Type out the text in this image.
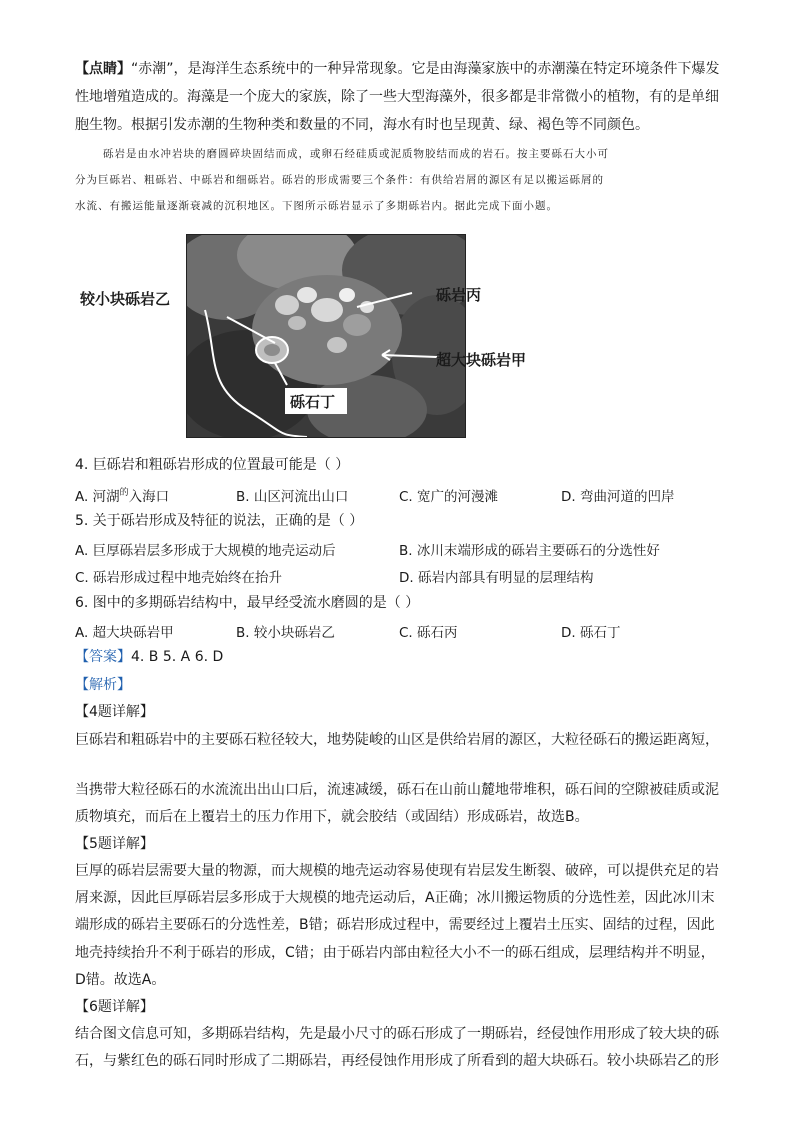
【点睛】“赤潮”，是海洋生态系统中的一种异常现象。它是由海藻家族中的赤潮藻在特定环境条件下爆发
性地增殖造成的。海藻是一个庞大的家族，除了一些大型海藻外，很多都是非常微小的植物，有的是单细
胞生物。根据引发赤潮的生物种类和数量的不同，海水有时也呈现黄、绿、褐色等不同颜色。
砾岩是由水冲岩块的磨圆碎块固结而成，或卵石经硅质或泥质物胶结而成的岩石。按主要砾石大小可
分为巨砾岩、粗砾岩、中砾岩和细砾岩。砾岩的形成需要三个条件：有供给岩屑的源区有足以搬运砾屑的
水流、有搬运能量逐渐衰减的沉积地区。下图所示砾岩显示了多期砾岩内。据此完成下面小题。
较小块砾岩乙	砾岩丙
超大块砾岩甲
砾石丁
4. 巨砾岩和粗砾岩形成的位置最可能是（ ）
A. 河湖$^的$入海口	B. 山区河流出山口	C. 宽广的河漫滩	D. 弯曲河道的凹岸
5. 关于砾岩形成及特征的说法，正确的是（ ）
A. 巨厚砾岩层多形成于大规模的地壳运动后	B. 冰川末端形成的砾岩主要砾石的分选性好
C. 砾岩形成过程中地壳始终在抬升	D. 砾岩内部具有明显的层理结构
6. 图中的多期砾岩结构中，最早经受流水磨圆的是（ ）
A. 超大块砾岩甲	B. 较小块砾岩乙	C. 砾石丙	D. 砾石丁
【答案】4. B 5. A 6. D
【解析】
【4题详解】
巨砾岩和粗砾岩中的主要砾石粒径较大，地势陡峻的山区是供给岩屑的源区，大粒径砾石的搬运距离短，
当携带大粒径砾石的水流流出出山口后，流速减缓，砾石在山前山麓地带堆积，砾石间的空隙被硅质或泥
质物填充，而后在上覆岩土的压力作用下，就会胶结（或固结）形成砾岩，故选B。
【5题详解】
巨厚的砾岩层需要大量的物源，而大规模的地壳运动容易使现有岩层发生断裂、破碎，可以提供充足的岩
屑来源，因此巨厚砾岩层多形成于大规模的地壳运动后，A正确；冰川搬运物质的分选性差，因此冰川末
端形成的砾岩主要砾石的分选性差，B错；砾岩形成过程中，需要经过上覆岩土压实、固结的过程，因此
地壳持续抬升不利于砾岩的形成，C错；由于砾岩内部由粒径大小不一的砾石组成，层理结构并不明显，
D错。故选A。
【6题详解】
结合图文信息可知，多期砾岩结构，先是最小尺寸的砾石形成了一期砾岩，经侵蚀作用形成了较大块的砾
石，与紫红色的砾石同时形成了二期砾岩，再经侵蚀作用形成了所看到的超大块砾石。较小块砾岩乙的形
